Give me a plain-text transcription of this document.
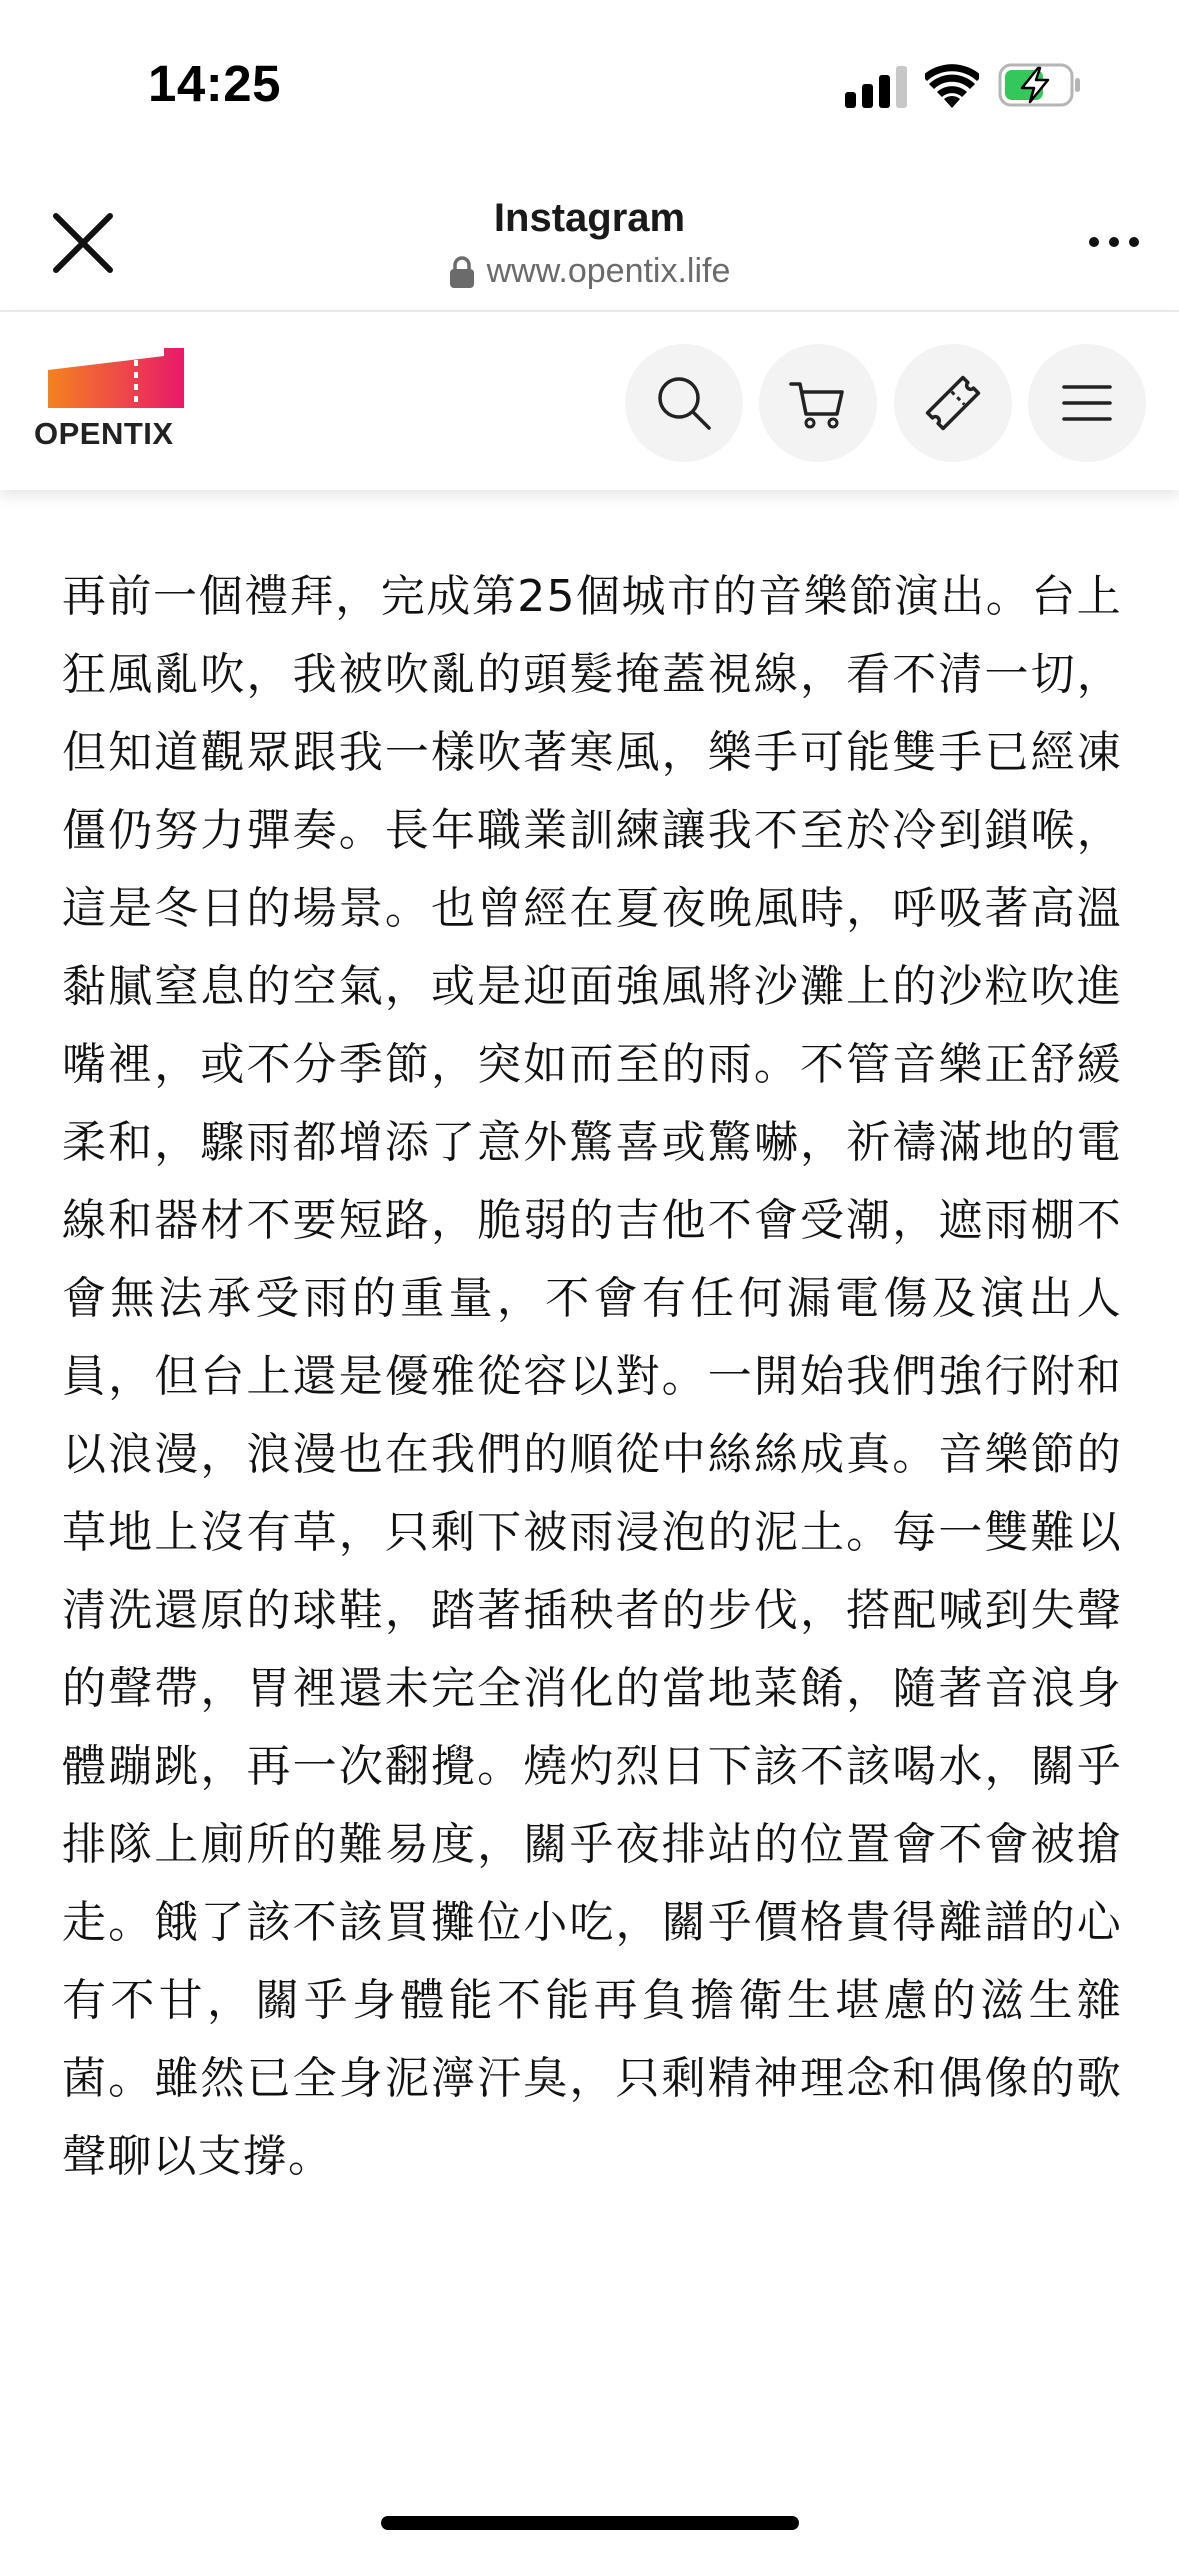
14:25
Instagram
www.opentix.life
OPENTIX

再前一個禮拜，完成第25個城市的音樂節演出。台上狂風亂吹，我被吹亂的頭髮掩蓋視線，看不清一切，但知道觀眾跟我一樣吹著寒風，樂手可能雙手已經凍僵仍努力彈奏。長年職業訓練讓我不至於冷到鎖喉，這是冬日的場景。也曾經在夏夜晚風時，呼吸著高溫黏膩窒息的空氣，或是迎面強風將沙灘上的沙粒吹進嘴裡，或不分季節，突如而至的雨。不管音樂正舒緩柔和，驟雨都增添了意外驚喜或驚嚇，祈禱滿地的電線和器材不要短路，脆弱的吉他不會受潮，遮雨棚不會無法承受雨的重量，不會有任何漏電傷及演出人員，但台上還是優雅從容以對。一開始我們強行附和以浪漫，浪漫也在我們的順從中絲絲成真。音樂節的草地上沒有草，只剩下被雨浸泡的泥土。每一雙難以清洗還原的球鞋，踏著插秧者的步伐，搭配喊到失聲的聲帶，胃裡還未完全消化的當地菜餚，隨著音浪身體蹦跳，再一次翻攪。燒灼烈日下該不該喝水，關乎排隊上廁所的難易度，關乎夜排站的位置會不會被搶走。餓了該不該買攤位小吃，關乎價格貴得離譜的心有不甘，關乎身體能不能再負擔衛生堪慮的滋生雜菌。雖然已全身泥濘汗臭，只剩精神理念和偶像的歌聲聊以支撐。
